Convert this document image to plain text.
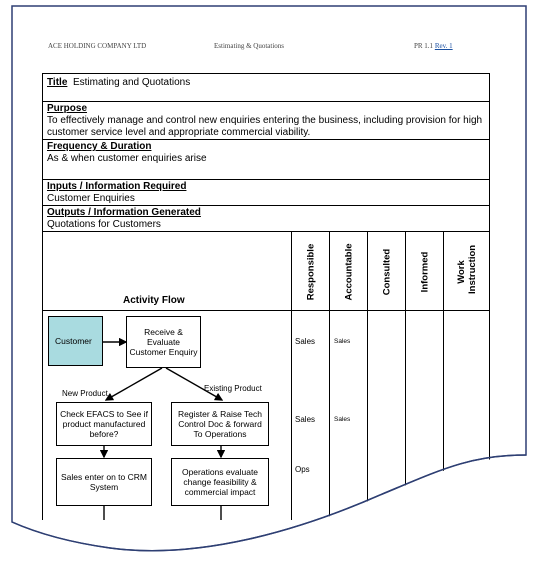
ACE HOLDING COMPANY LTD	Estimating & Quotations	PR 1.1 Rev. 1
Title Estimating and Quotations
Purpose
To effectively manage and control new enquiries entering the business, including provision for high customer service level and appropriate commercial viability.
Frequency & Duration
As & when customer enquiries arise
Inputs / Information Required
Customer Enquiries
Outputs / Information Generated
Quotations for Customers
Activity Flow
Responsible	Accountable	Consulted	Informed	Work Instruction
Customer
Receive & Evaluate Customer Enquiry
New Product
Existing Product
Check EFACS to See if product manufactured before?
Register & Raise Tech Control Doc & forward To Operations
Sales enter on to CRM System
Operations evaluate change feasibility & commercial impact
Sales	Sales
Sales	Sales
Ops
